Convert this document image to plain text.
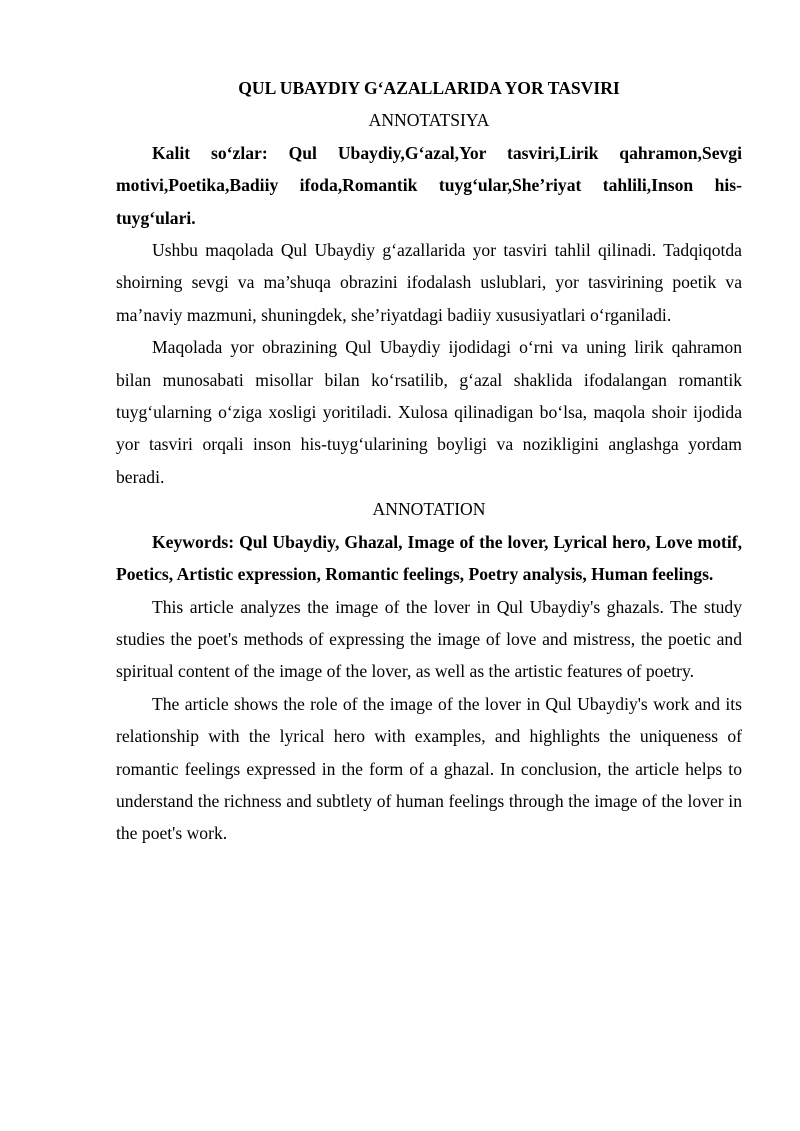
QUL UBAYDIY G‘AZALLARIDA YOR TASVIRI

ANNOTATSIYA

Kalit so‘zlar: Qul Ubaydiy,G‘azal,Yor tasviri,Lirik qahramon,Sevgi motivi,Poetika,Badiiy ifoda,Romantik tuyg‘ular,She’riyat tahlili,Inson his-tuyg‘ulari.

Ushbu maqolada Qul Ubaydiy g‘azallarida yor tasviri tahlil qilinadi. Tadqiqotda shoirning sevgi va ma’shuqa obrazini ifodalash uslublari, yor tasvirining poetik va ma’naviy mazmuni, shuningdek, she’riyatdagi badiiy xususiyatlari o‘rganiladi.

Maqolada yor obrazining Qul Ubaydiy ijodidagi o‘rni va uning lirik qahramon bilan munosabati misollar bilan ko‘rsatilib, g‘azal shaklida ifodalangan romantik tuyg‘ularning o‘ziga xosligi yoritiladi. Xulosa qilinadigan bo‘lsa, maqola shoir ijodida yor tasviri orqali inson his-tuyg‘ularining boyligi va nozikligini anglashga yordam beradi.

ANNOTATION

Keywords: Qul Ubaydiy, Ghazal, Image of the lover, Lyrical hero, Love motif, Poetics, Artistic expression, Romantic feelings, Poetry analysis, Human feelings.

This article analyzes the image of the lover in Qul Ubaydiy's ghazals. The study studies the poet's methods of expressing the image of love and mistress, the poetic and spiritual content of the image of the lover, as well as the artistic features of poetry.

The article shows the role of the image of the lover in Qul Ubaydiy's work and its relationship with the lyrical hero with examples, and highlights the uniqueness of romantic feelings expressed in the form of a ghazal. In conclusion, the article helps to understand the richness and subtlety of human feelings through the image of the lover in the poet's work.
